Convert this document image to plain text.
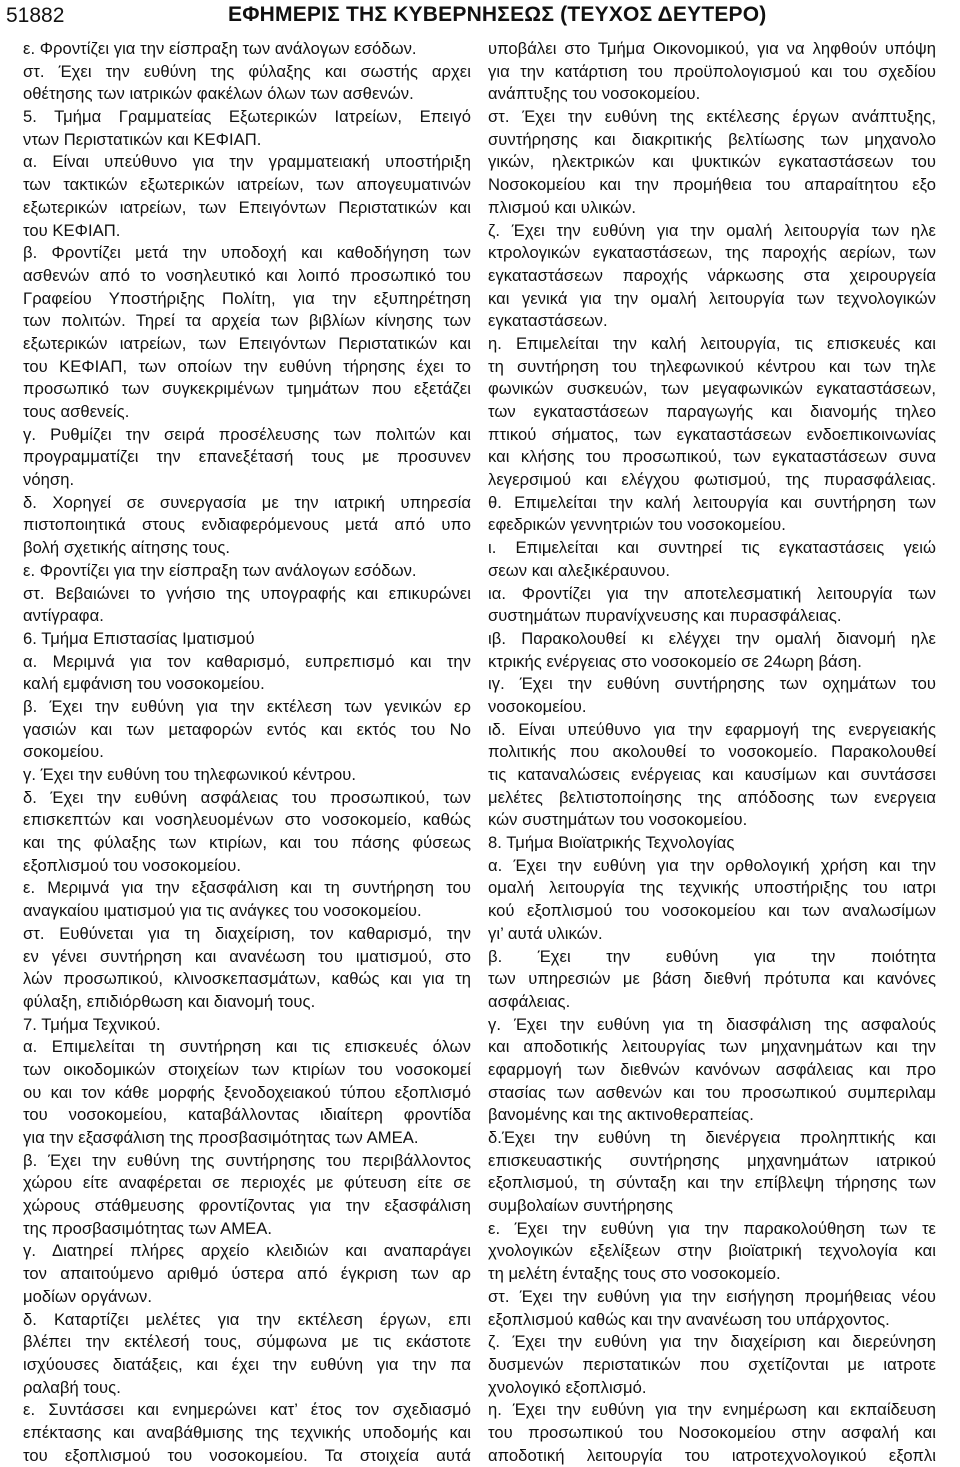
51882	ΕΦΗΜΕΡΙΣ ΤΗΣ ΚΥΒΕΡΝΗΣΕΩΣ (ΤΕΥΧΟΣ ΔΕΥΤΕΡΟ)
ε. Φροντίζει για την είσπραξη των ανάλογων εσόδων.
στ. Έχει την ευθύνη της φύλαξης και σωστής αρχει
οθέτησης των ιατρικών φακέλων όλων των ασθενών.
5. Τμήμα Γραμματείας Εξωτερικών Ιατρείων, Επειγό
ντων Περιστατικών και ΚΕΦΙΑΠ.
α. Είναι υπεύθυνο για την γραμματειακή υποστήριξη
των τακτικών εξωτερικών ιατρείων, των απογευματινών
εξωτερικών ιατρείων, των Επειγόντων Περιστατικών και
του ΚΕΦΙΑΠ.
β. Φροντίζει μετά την υποδοχή και καθοδήγηση των
ασθενών από το νοσηλευτικό και λοιπό προσωπικό του
Γραφείου Υποστήριξης Πολίτη, για την εξυπηρέτηση
των πολιτών. Τηρεί τα αρχεία των βιβλίων κίνησης των
εξωτερικών ιατρείων, των Επειγόντων Περιστατικών και
του ΚΕΦΙΑΠ, των οποίων την ευθύνη τήρησης έχει το
προσωπικό των συγκεκριμένων τμημάτων που εξετάζει
τους ασθενείς.
γ. Ρυθμίζει την σειρά προσέλευσης των πολιτών και
προγραμματίζει την επανεξέτασή τους με προσυνεν
νόηση.
δ. Χορηγεί σε συνεργασία με την ιατρική υπηρεσία
πιστοποιητικά στους ενδιαφερόμενους μετά από υπο
βολή σχετικής αίτησης τους.
ε. Φροντίζει για την είσπραξη των ανάλογων εσόδων.
στ. Βεβαιώνει το γνήσιο της υπογραφής και επικυρώνει
αντίγραφα.
6. Τμήμα Επιστασίας Ιματισμού
α. Μεριμνά για τον καθαρισμό, ευπρεπισμό και την
καλή εμφάνιση του νοσοκομείου.
β. Έχει την ευθύνη για την εκτέλεση των γενικών ερ
γασιών και των μεταφορών εντός και εκτός του Νο
σοκομείου.
γ. Έχει την ευθύνη του τηλεφωνικού κέντρου.
δ. Έχει την ευθύνη ασφάλειας του προσωπικού, των
επισκεπτών και νοσηλευομένων στο νοσοκομείο, καθώς
και της φύλαξης των κτιρίων, και του πάσης φύσεως
εξοπλισμού του νοσοκομείου.
ε. Μεριμνά για την εξασφάλιση και τη συντήρηση του
αναγκαίου ιματισμού για τις ανάγκες του νοσοκομείου.
στ. Ευθύνεται για τη διαχείριση, τον καθαρισμό, την
εν γένει συντήρηση και ανανέωση του ιματισμού, στο
λών προσωπικού, κλινοσκεπασμάτων, καθώς και για τη
φύλαξη, επιδιόρθωση και διανομή τους.
7. Τμήμα Τεχνικού.
α. Επιμελείται τη συντήρηση και τις επισκευές όλων
των οικοδομικών στοιχείων των κτιρίων του νοσοκομεί
ου και τον κάθε μορφής ξενοδοχειακού τύπου εξοπλισμό
του νοσοκομείου, καταβάλλοντας ιδιαίτερη φροντίδα
για την εξασφάλιση της προσβασιμότητας των ΑΜΕΑ.
β. Έχει την ευθύνη της συντήρησης του περιβάλλοντος
χώρου είτε αναφέρεται σε περιοχές με φύτευση είτε σε
χώρους στάθμευσης φροντίζοντας για την εξασφάλιση
της προσβασιμότητας των ΑΜΕΑ.
γ. Διατηρεί πλήρες αρχείο κλειδιών και αναπαράγει
τον απαιτούμενο αριθμό ύστερα από έγκριση των αρ
μοδίων οργάνων.
δ. Καταρτίζει μελέτες για την εκτέλεση έργων, επι
βλέπει την εκτέλεσή τους, σύμφωνα με τις εκάστοτε
ισχύουσες διατάξεις, και έχει την ευθύνη για την πα
ραλαβή τους.
ε. Συντάσσει και ενημερώνει κατ’ έτος τον σχεδιασμό
επέκτασης και αναβάθμισης της τεχνικής υποδομής και
του εξοπλισμού του νοσοκομείου. Τα στοιχεία αυτά
υποβάλει στο Τμήμα Οικονομικού, για να ληφθούν υπόψη
για την κατάρτιση του προϋπολογισμού και του σχεδίου
ανάπτυξης του νοσοκομείου.
στ. Έχει την ευθύνη της εκτέλεσης έργων ανάπτυξης,
συντήρησης και διακριτικής βελτίωσης των μηχανολο
γικών, ηλεκτρικών και ψυκτικών εγκαταστάσεων του
Νοσοκομείου και την προμήθεια του απαραίτητου εξο
πλισμού και υλικών.
ζ. Έχει την ευθύνη για την ομαλή λειτουργία των ηλε
κτρολογικών εγκαταστάσεων, της παροχής αερίων, των
εγκαταστάσεων παροχής νάρκωσης στα χειρουργεία
και γενικά για την ομαλή λειτουργία των τεχνολογικών
εγκαταστάσεων.
η. Επιμελείται την καλή λειτουργία, τις επισκευές και
τη συντήρηση του τηλεφωνικού κέντρου και των τηλε
φωνικών συσκευών, των μεγαφωνικών εγκαταστάσεων,
των εγκαταστάσεων παραγωγής και διανομής τηλεο
πτικού σήματος, των εγκαταστάσεων ενδοεπικοινωνίας
και κλήσης του προσωπικού, των εγκαταστάσεων συνα
λεγερσιμού και ελέγχου φωτισμού, της πυρασφάλειας.
θ. Επιμελείται την καλή λειτουργία και συντήρηση των
εφεδρικών γεννητριών του νοσοκομείου.
ι. Επιμελείται και συντηρεί τις εγκαταστάσεις γειώ
σεων και αλεξικέραυνου.
ια. Φροντίζει για την αποτελεσματική λειτουργία των
συστημάτων πυρανίχνευσης και πυρασφάλειας.
ιβ. Παρακολουθεί κι ελέγχει την ομαλή διανομή ηλε
κτρικής ενέργειας στο νοσοκομείο σε 24ωρη βάση.
ιγ. Έχει την ευθύνη συντήρησης των οχημάτων του
νοσοκομείου.
ιδ. Είναι υπεύθυνο για την εφαρμογή της ενεργειακής
πολιτικής που ακολουθεί το νοσοκομείο. Παρακολουθεί
τις καταναλώσεις ενέργειας και καυσίμων και συντάσσει
μελέτες βελτιστοποίησης της απόδοσης των ενεργεια
κών συστημάτων του νοσοκομείου.
8. Τμήμα Βιοϊατρικής Τεχνολογίας
α. Έχει την ευθύνη για την ορθολογική χρήση και την
ομαλή λειτουργία της τεχνικής υποστήριξης του ιατρι
κού εξοπλισμού του νοσοκομείου και των αναλωσίμων
γι’ αυτά υλικών.
β. Έχει την ευθύνη για την ποιότητα
των υπηρεσιών με βάση διεθνή πρότυπα και κανόνες
ασφάλειας.
γ. Έχει την ευθύνη για τη διασφάλιση της ασφαλούς
και αποδοτικής λειτουργίας των μηχανημάτων και την
εφαρμογή των διεθνών κανόνων ασφάλειας και προ
στασίας των ασθενών και του προσωπικού συμπεριλαμ
βανομένης και της ακτινοθεραπείας.
δ.Έχει την ευθύνη τη διενέργεια προληπτικής και
επισκευαστικής συντήρησης μηχανημάτων ιατρικού
εξοπλισμού, τη σύνταξη και την επίβλεψη τήρησης των
συμβολαίων συντήρησης
ε. Έχει την ευθύνη για την παρακολούθηση των τε
χνολογικών εξελίξεων στην βιοϊατρική τεχνολογία και
τη μελέτη ένταξης τους στο νοσοκομείο.
στ. Έχει την ευθύνη για την εισήγηση προμήθειας νέου
εξοπλισμού καθώς και την ανανέωση του υπάρχοντος.
ζ. Έχει την ευθύνη για την διαχείριση και διερεύνηση
δυσμενών περιστατικών που σχετίζονται με ιατροτε
χνολογικό εξοπλισμό.
η. Έχει την ευθύνη για την ενημέρωση και εκπαίδευση
του προσωπικού του Νοσοκομείου στην ασφαλή και
αποδοτική λειτουργία του ιατροτεχνολογικού εξοπλι
